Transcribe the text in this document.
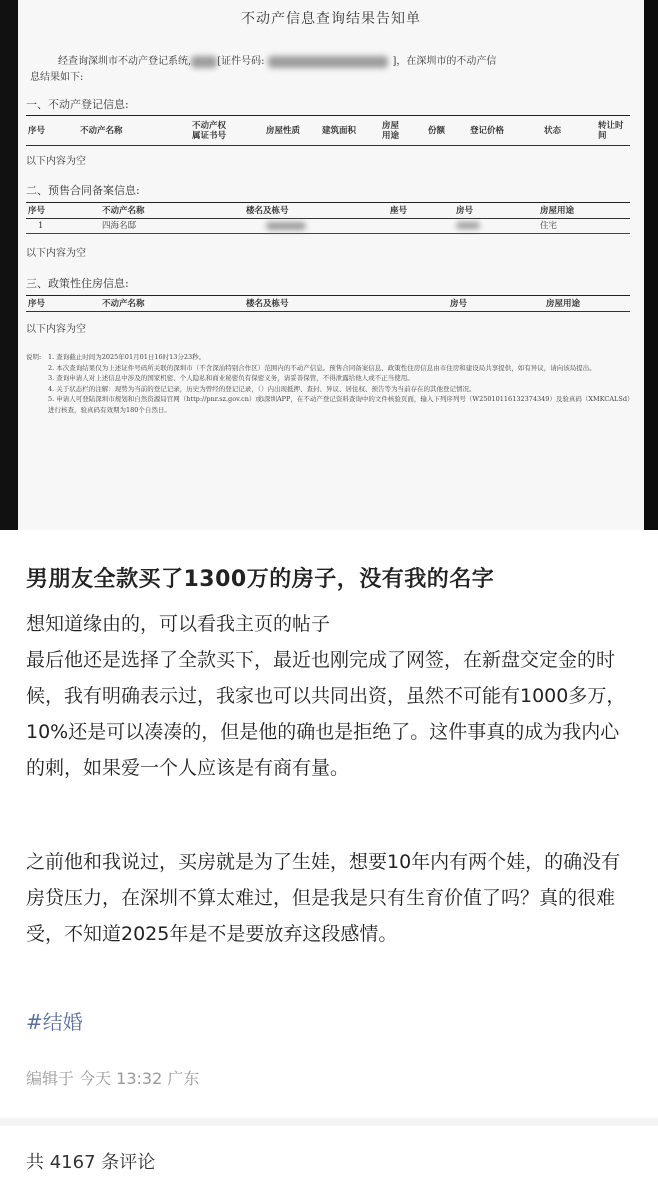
不动产信息查询结果告知单
经查询深圳市不动产登记系统,	[证件号码:	]，在深圳市的不动产信
息结果如下:
一、不动产登记信息:
序号	不动产名称	不动产权属证书号	房屋性质	建筑面积	房屋用途	份额	登记价格	状态	转让时间
以下内容为空
二、预售合同备案信息:
序号	不动产名称	楼名及栋号	座号	房号	房屋用途
1	四海名邸				住宅
以下内容为空
三、政策性住房信息:
序号	不动产名称	楼名及栋号	房号	房屋用途
以下内容为空
说明:	1. 查询截止时间为2025年01月01日16时13分23秒。
2. 本次查询结果仅为上述证件号码所关联的深圳市（不含深汕特别合作区）范围内的不动产信息。预售合同备案信息、政策性住房信息由市住房和建设局共享提供，如有异议，请向该局提出。
3. 查询申请人对上述信息中涉及的国家机密、个人隐私和商业秘密负有保密义务，请妥善保管，不得泄露给他人或不正当使用。
4. 关于状态栏的注解：现势为当前的登记记录，历史为曾经的登记记录，（）内出现抵押、查封、异议、居住权、预告等为当前存在的其他登记情况。
5. 申请人可登陆深圳市规划和自然资源局官网（http://pnr.sz.gov.cn）或i深圳APP，在不动产登记资料查询中的文件核验页面，输入下列序列号（W25010116132374349）及验真码（XMKCALSd）进行核查，验真码有效期为180个自然日。
男朋友全款买了1300万的房子，没有我的名字

想知道缘由的，可以看我主页的帖子
最后他还是选择了全款买下，最近也刚完成了网签，在新盘交定金的时候，我有明确表示过，我家也可以共同出资，虽然不可能有1000多万，10%还是可以凑凑的，但是他的确也是拒绝了。这件事真的成为我内心的刺，如果爱一个人应该是有商有量。

之前他和我说过，买房就是为了生娃，想要10年内有两个娃，的确没有房贷压力，在深圳不算太难过，但是我是只有生育价值了吗？真的很难受，不知道2025年是不是要放弃这段感情。

#结婚
编辑于 今天 13:32 广东
共 4167 条评论
